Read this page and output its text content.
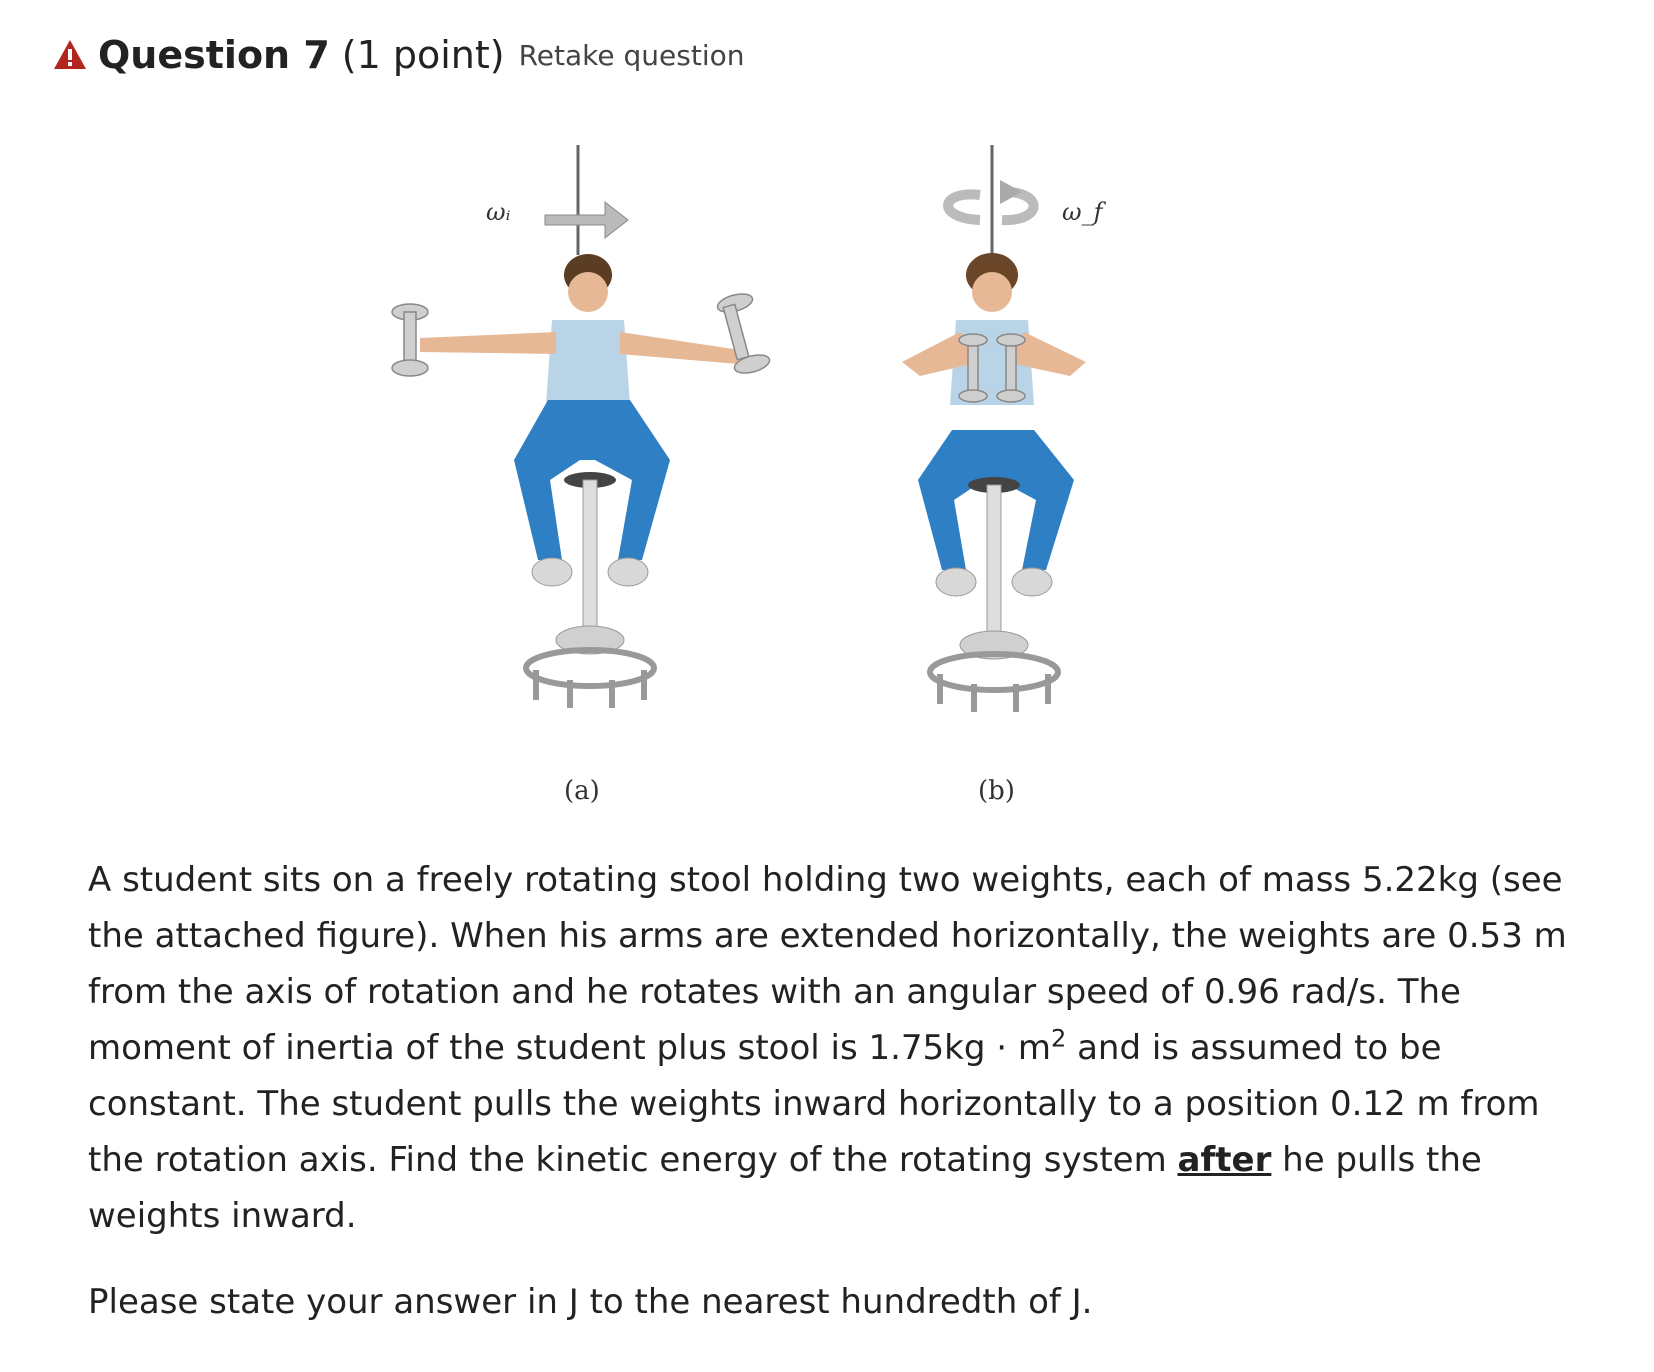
Question 7 (1 point) Retake question
ωᵢ	ω_f
(a)	(b)

A student sits on a freely rotating stool holding two weights, each of mass 5.22kg (see the attached figure). When his arms are extended horizontally, the weights are 0.53 m from the axis of rotation and he rotates with an angular speed of 0.96 rad/s. The moment of inertia of the student plus stool is $1.75kg \cdot m^2$ and is assumed to be constant. The student pulls the weights inward horizontally to a position 0.12 m from the rotation axis. Find the kinetic energy of the rotating system after he pulls the weights inward.

Please state your answer in J to the nearest hundredth of J.
